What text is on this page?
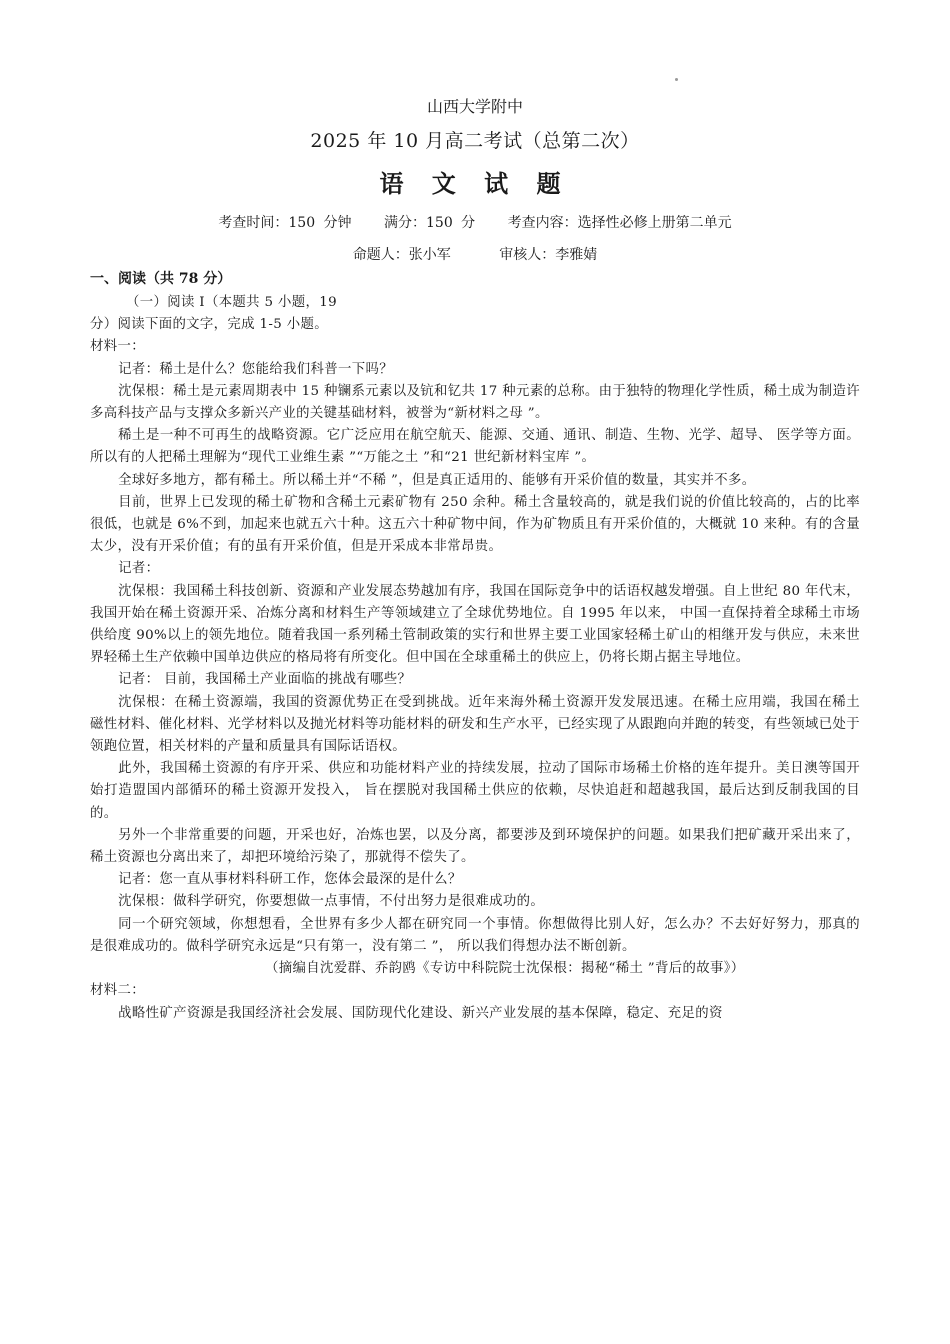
山西大学附中
2025 年 10 月高二考试（总第二次）
语 文 试 题
考查时间：150 分钟 满分：150 分 考查内容：选择性必修上册第二单元
命题人：张小军	审核人：李雅婧
一、阅读（共 78 分）

（一）阅读 Ⅰ（本题共 5 小题，19

分）阅读下面的文字，完成 1-5 小题。

材料一：

记者：稀土是什么？您能给我们科普一下吗？

沈保根：稀土是元素周期表中 15 种镧系元素以及钪和钇共 17 种元素的总称。由于独特的物理化学性质，稀土成为制造许多高科技产品与支撑众多新兴产业的关键基础材料，被誉为“新材料之母 ”。

稀土是一种不可再生的战略资源。它广泛应用在航空航天、能源、交通、通讯、制造、生物、光学、超导、 医学等方面。所以有的人把稀土理解为“现代工业维生素 ”“万能之土 ”和“21 世纪新材料宝库 ”。

全球好多地方，都有稀土。所以稀土并“不稀 ”，但是真正适用的、能够有开采价值的数量，其实并不多。

目前，世界上已发现的稀土矿物和含稀土元素矿物有 250 余种。稀土含量较高的，就是我们说的价值比较高的，占的比率很低，也就是 6%不到，加起来也就五六十种。这五六十种矿物中间，作为矿物质且有开采价值的，大概就 10 来种。有的含量太少，没有开采价值；有的虽有开采价值，但是开采成本非常昂贵。

记者：

沈保根：我国稀土科技创新、资源和产业发展态势越加有序，我国在国际竞争中的话语权越发增强。自上世纪 80 年代末，我国开始在稀土资源开采、冶炼分离和材料生产等领域建立了全球优势地位。自 1995 年以来， 中国一直保持着全球稀土市场供给度 90%以上的领先地位。随着我国一系列稀土管制政策的实行和世界主要工业国家轻稀土矿山的相继开发与供应，未来世界轻稀土生产依赖中国单边供应的格局将有所变化。但中国在全球重稀土的供应上，仍将长期占据主导地位。

记者： 目前，我国稀土产业面临的挑战有哪些？

沈保根：在稀土资源端，我国的资源优势正在受到挑战。近年来海外稀土资源开发发展迅速。在稀土应用端，我国在稀土磁性材料、催化材料、光学材料以及抛光材料等功能材料的研发和生产水平，已经实现了从跟跑向并跑的转变，有些领域已处于领跑位置，相关材料的产量和质量具有国际话语权。

此外，我国稀土资源的有序开采、供应和功能材料产业的持续发展，拉动了国际市场稀土价格的连年提升。美日澳等国开始打造盟国内部循环的稀土资源开发投入， 旨在摆脱对我国稀土供应的依赖，尽快追赶和超越我国，最后达到反制我国的目的。

另外一个非常重要的问题，开采也好，冶炼也罢，以及分离，都要涉及到环境保护的问题。如果我们把矿藏开采出来了，稀土资源也分离出来了，却把环境给污染了，那就得不偿失了。

记者：您一直从事材料科研工作，您体会最深的是什么？

沈保根：做科学研究，你要想做一点事情，不付出努力是很难成功的。

同一个研究领域，你想想看，全世界有多少人都在研究同一个事情。你想做得比别人好，怎么办？不去好好努力，那真的是很难成功的。做科学研究永远是“只有第一，没有第二 ”， 所以我们得想办法不断创新。

（摘编自沈爱群、乔韵鸥《专访中科院院士沈保根：揭秘“稀土 ”背后的故事》）

材料二：

战略性矿产资源是我国经济社会发展、国防现代化建设、新兴产业发展的基本保障，稳定、充足的资
